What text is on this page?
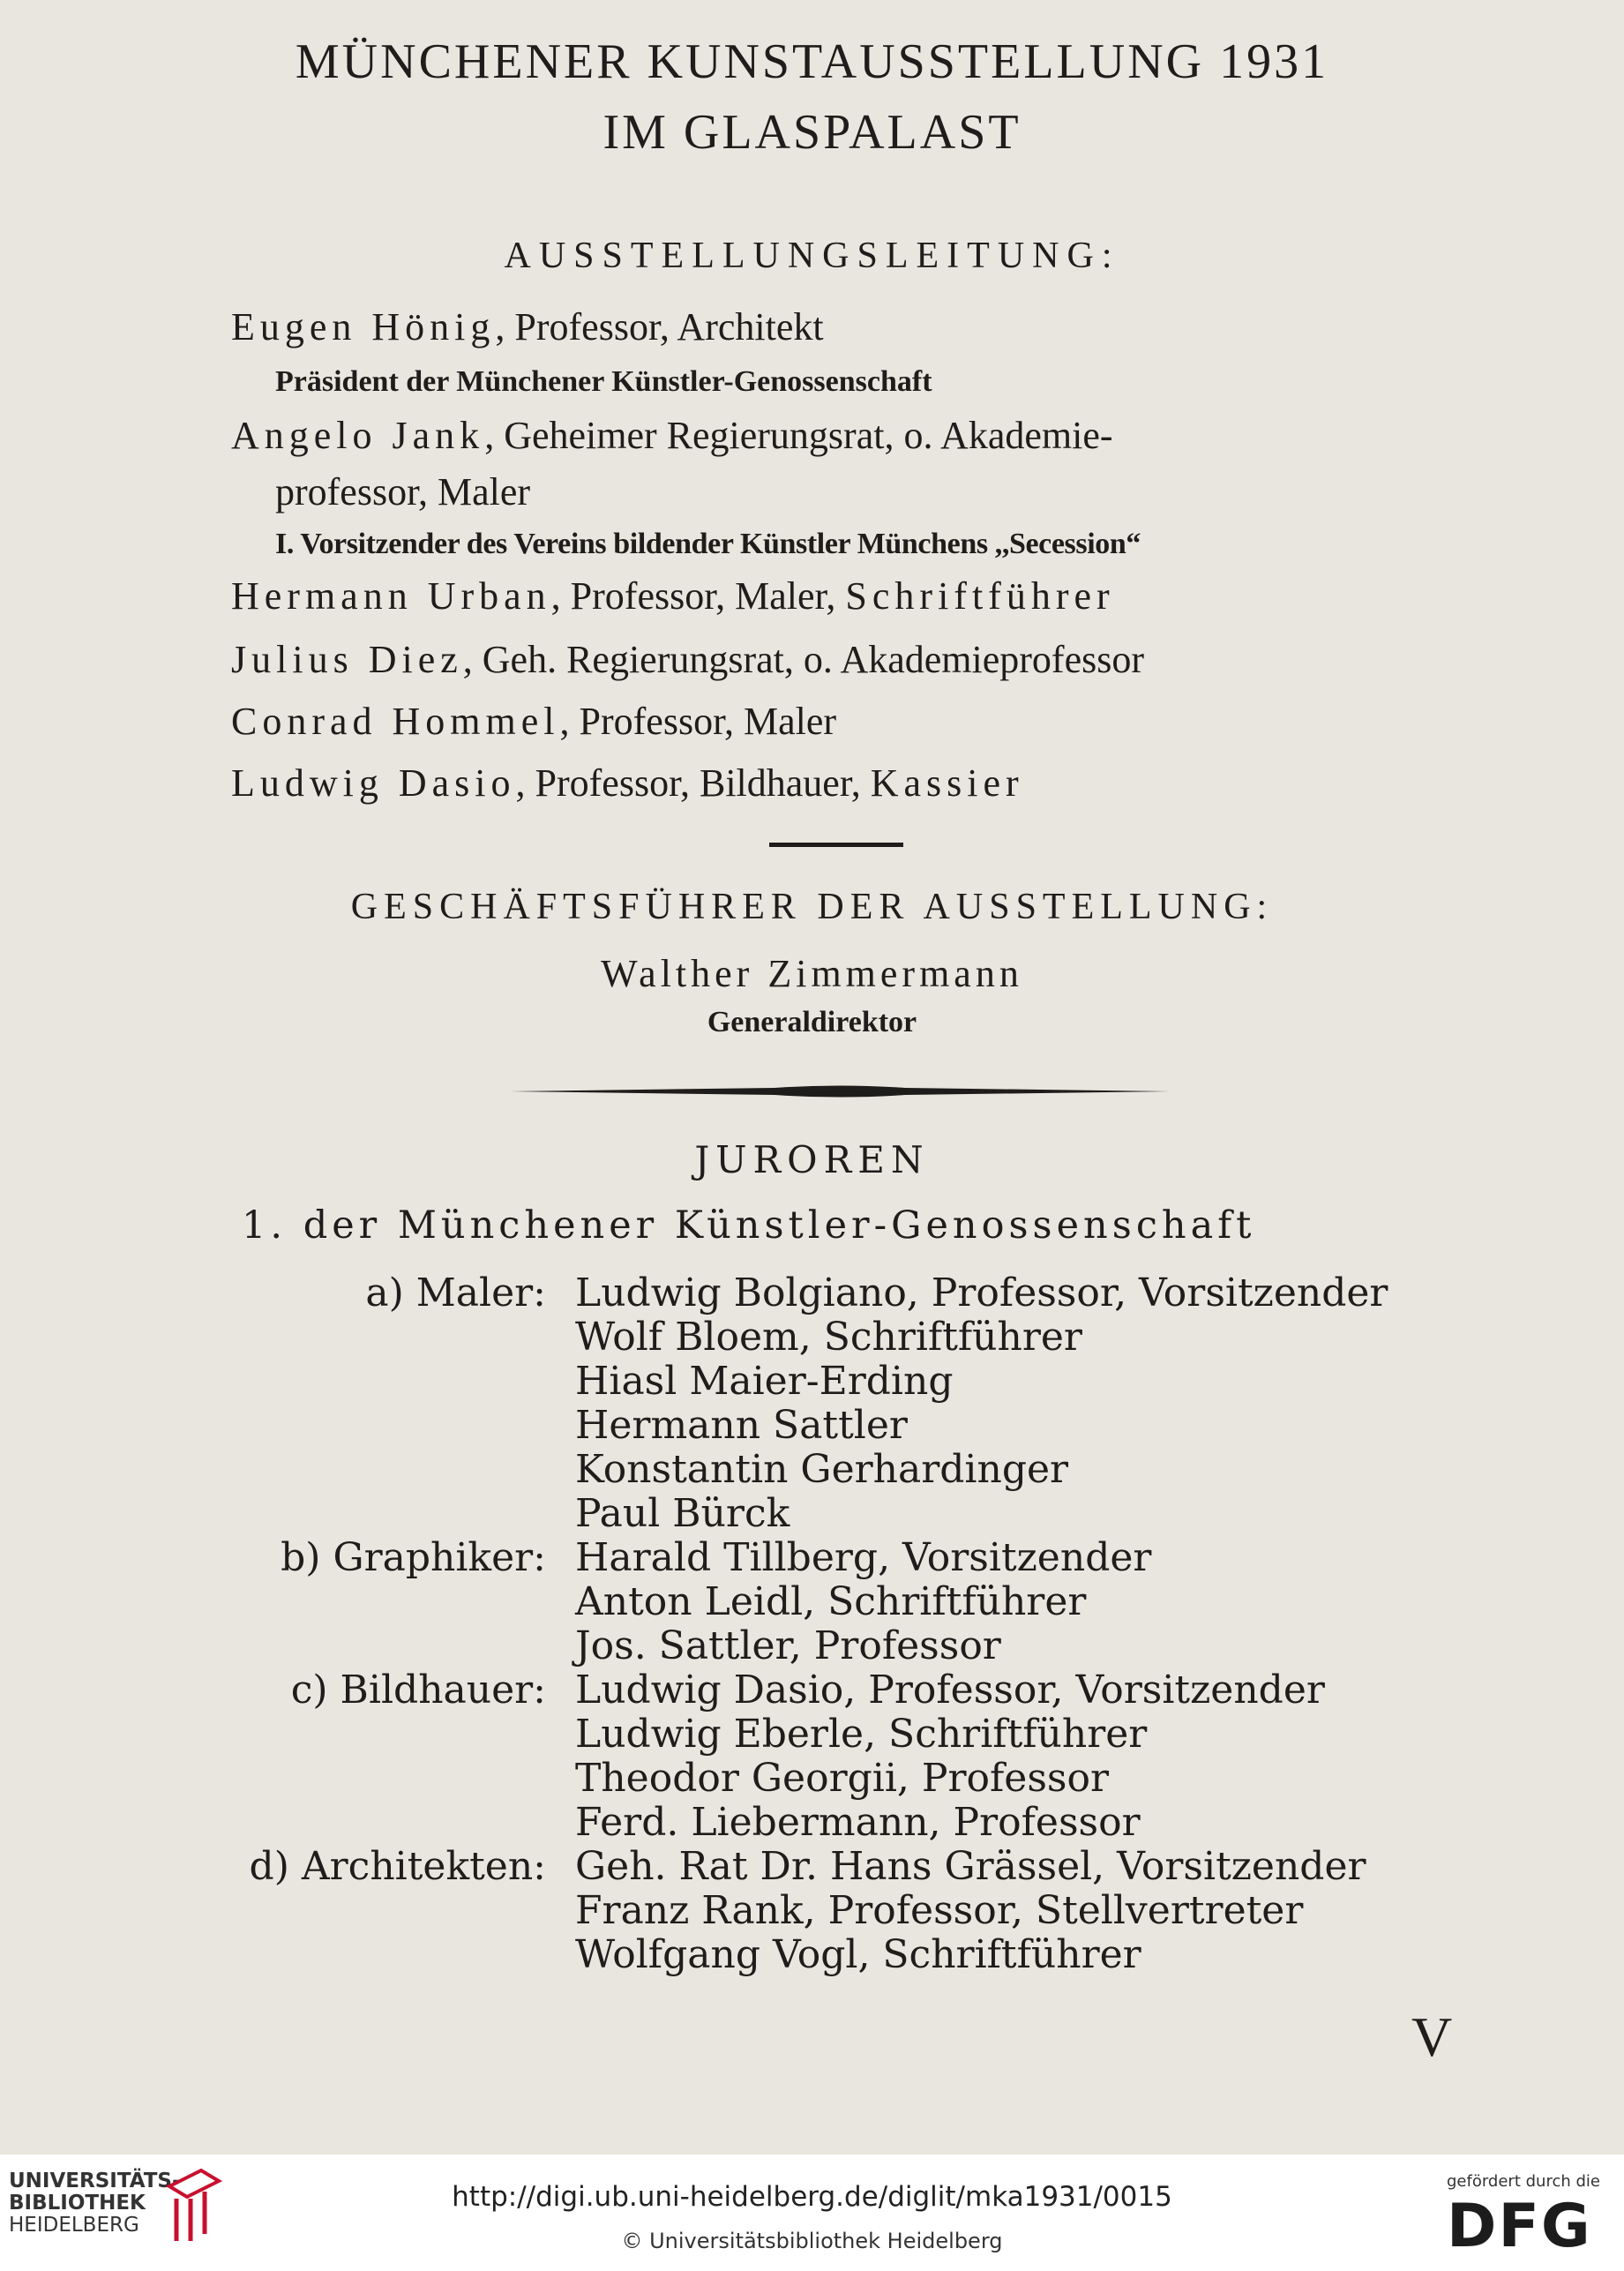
MÜNCHENER KUNSTAUSSTELLUNG 1931
IM GLASPALAST
AUSSTELLUNGSLEITUNG:
Eugen Hönig, Professor, Architekt
Präsident der Münchener Künstler-Genossenschaft
Angelo Jank, Geheimer Regierungsrat, o. Akademie-
professor, Maler
I. Vorsitzender des Vereins bildender Künstler Münchens ,,Secession“
Hermann Urban, Professor, Maler, Schriftführer
Julius Diez, Geh. Regierungsrat, o. Akademieprofessor
Conrad Hommel, Professor, Maler
Ludwig Dasio, Professor, Bildhauer, Kassier
GESCHÄFTSFÜHRER DER AUSSTELLUNG:
Walther Zimmermann
Generaldirektor
JUROREN
1. der Münchener Künstler-Genossenschaft
a) Maler: Ludwig Bolgiano, Professor, Vorsitzender
Wolf Bloem, Schriftführer
Hiasl Maier-Erding
Hermann Sattler
Konstantin Gerhardinger
Paul Bürck
b) Graphiker: Harald Tillberg, Vorsitzender
Anton Leidl, Schriftführer
Jos. Sattler, Professor
c) Bildhauer: Ludwig Dasio, Professor, Vorsitzender
Ludwig Eberle, Schriftführer
Theodor Georgii, Professor
Ferd. Liebermann, Professor
d) Architekten: Geh. Rat Dr. Hans Grässel, Vorsitzender
Franz Rank, Professor, Stellvertreter
Wolfgang Vogl, Schriftführer
V
UNIVERSITÄTS-
BIBLIOTHEK
HEIDELBERG
http://digi.ub.uni-heidelberg.de/diglit/mka1931/0015
© Universitätsbibliothek Heidelberg
gefördert durch die
DFG
